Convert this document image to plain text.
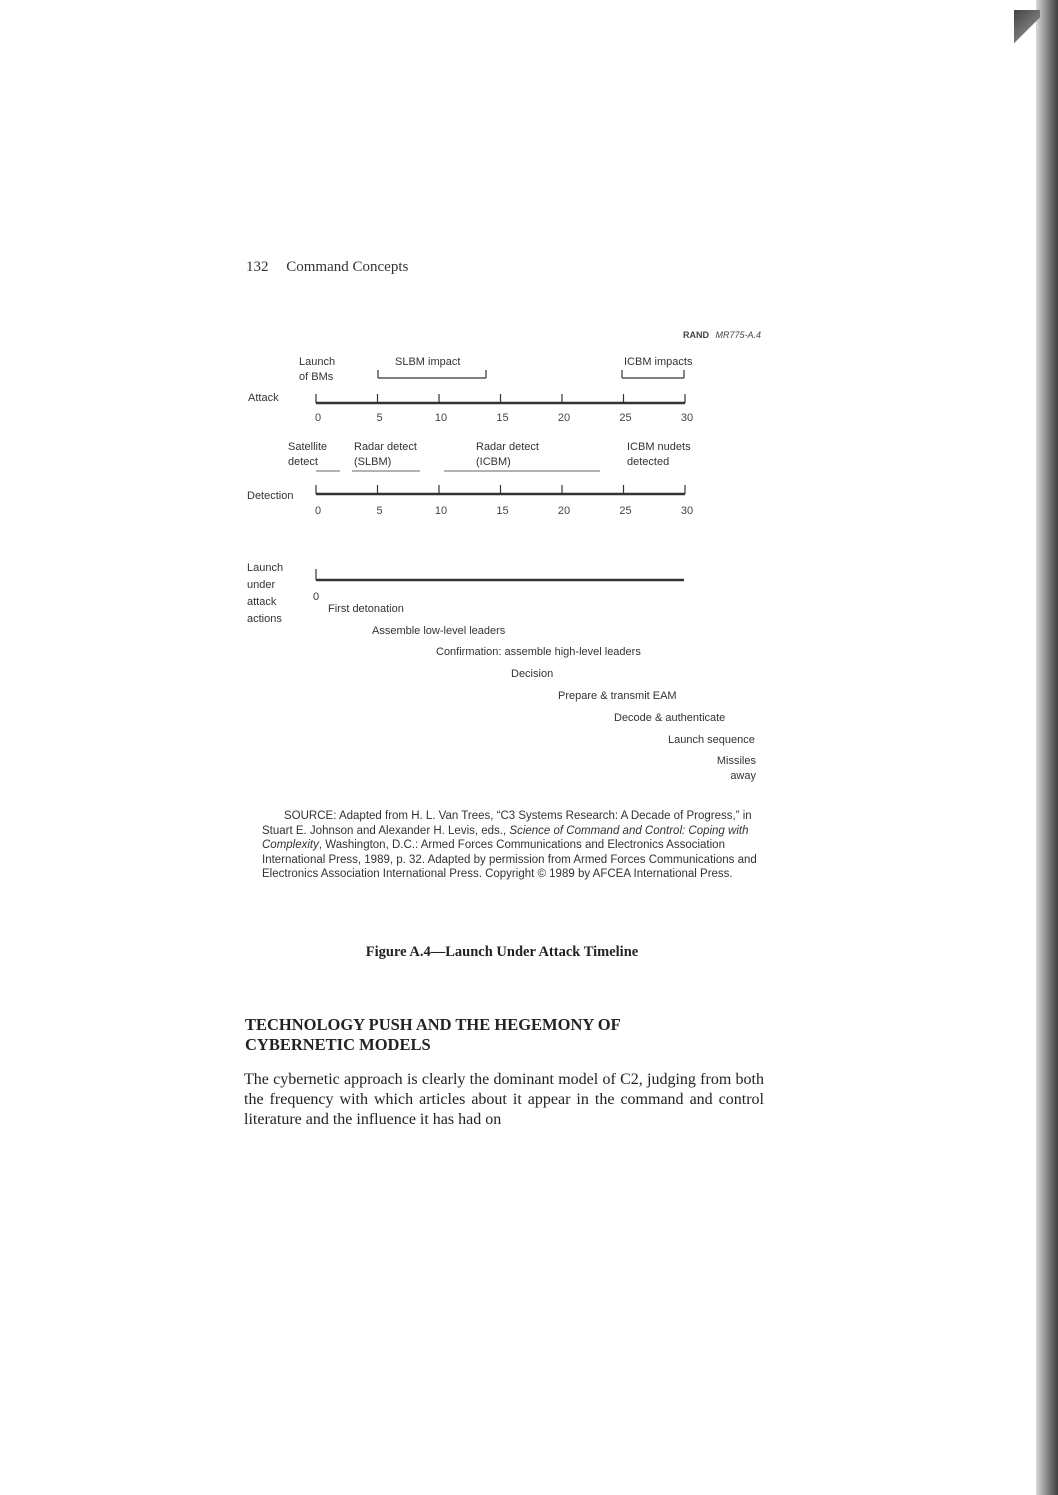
132 Command Concepts
RAND MR775-A.4
0	5	10	15	20	25	30
0	5	10	15	20	25	30
Attack
Detection
Launch
under
attack
actions
Launch
of BMs
SLBM impact	ICBM impacts
Satellite
detect
Radar detect
(SLBM)
Radar detect
(ICBM)
ICBM nudets
detected
0
First detonation
Assemble low-level leaders
Confirmation: assemble high-level leaders
Decision
Prepare & transmit EAM
Decode & authenticate
Launch sequence
Missiles
away

SOURCE: Adapted from H. L. Van Trees, “C3 Systems Research: A Decade of Progress,” in Stuart E. Johnson and Alexander H. Levis, eds., Science of Command and Control: Coping with Complexity, Washington, D.C.: Armed Forces Communications and Electronics Association International Press, 1989, p. 32. Adapted by permission from Armed Forces Communications and Electronics Association International Press. Copyright © 1989 by AFCEA International Press.

Figure A.4—Launch Under Attack Timeline
TECHNOLOGY PUSH AND THE HEGEMONY OF
CYBERNETIC MODELS
The cybernetic approach is clearly the dominant model of C2, judging from both the frequency with which articles about it appear in the command and control literature and the influence it has had on
